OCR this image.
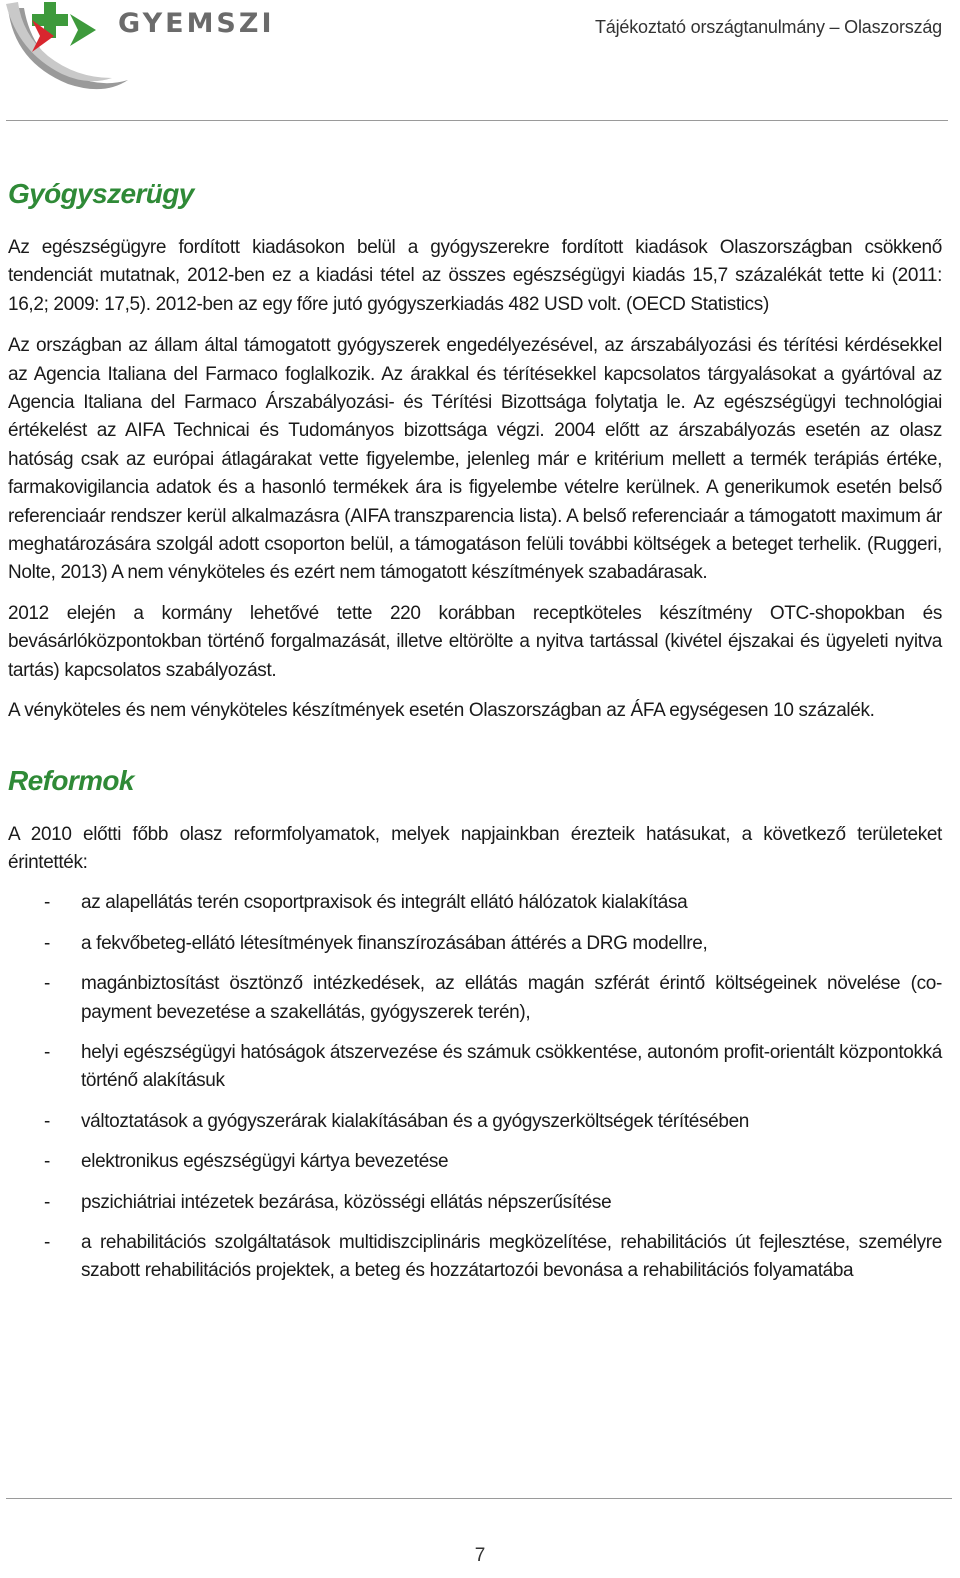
GYEMSZI	Tájékoztató országtanulmány – Olaszország
Gyógyszerügy

Az egészségügyre fordított kiadásokon belül a gyógyszerekre fordított kiadások Olaszországban csökkenő tendenciát mutatnak, 2012-ben ez a kiadási tétel az összes egészségügyi kiadás 15,7 százalékát tette ki (2011: 16,2; 2009: 17,5). 2012-ben az egy főre jutó gyógyszerkiadás 482 USD volt. (OECD Statistics)

Az országban az állam által támogatott gyógyszerek engedélyezésével, az árszabályozási és térítési kérdésekkel az Agencia Italiana del Farmaco foglalkozik. Az árakkal és térítésekkel kapcsolatos tárgyalásokat a gyártóval az Agencia Italiana del Farmaco Árszabályozási- és Térítési Bizottsága folytatja le. Az egészségügyi technológiai értékelést az AIFA Technicai és Tudományos bizottsága végzi. 2004 előtt az árszabályozás esetén az olasz hatóság csak az európai átlagárakat vette figyelembe, jelenleg már e kritérium mellett a termék terápiás értéke, farmakovigilancia adatok és a hasonló termékek ára is figyelembe vételre kerülnek. A generikumok esetén belső referenciaár rendszer kerül alkalmazásra (AIFA transzparencia lista). A belső referenciaár a támogatott maximum ár meghatározására szolgál adott csoporton belül, a támogatáson felüli további költségek a beteget terhelik. (Ruggeri, Nolte, 2013) A nem vényköteles és ezért nem támogatott készítmények szabadárasak.

2012 elején a kormány lehetővé tette 220 korábban receptköteles készítmény OTC-shopokban és bevásárlóközpontokban történő forgalmazását, illetve eltörölte a nyitva tartással (kivétel éjszakai és ügyeleti nyitva tartás) kapcsolatos szabályozást.

A vényköteles és nem vényköteles készítmények esetén Olaszországban az ÁFA egységesen 10 százalék.

Reformok

A 2010 előtti főbb olasz reformfolyamatok, melyek napjainkban érezteik hatásukat, a következő területeket érintették:

- az alapellátás terén csoportpraxisok és integrált ellátó hálózatok kialakítása
- a fekvőbeteg-ellátó létesítmények finanszírozásában áttérés a DRG modellre,
- magánbiztosítást ösztönző intézkedések, az ellátás magán szférát érintő költségeinek növelése (co-payment bevezetése a szakellátás, gyógyszerek terén),
- helyi egészségügyi hatóságok átszervezése és számuk csökkentése, autonóm profit-orientált központokká történő alakításuk
- változtatások a gyógyszerárak kialakításában és a gyógyszerköltségek térítésében
- elektronikus egészségügyi kártya bevezetése
- pszichiátriai intézetek bezárása, közösségi ellátás népszerűsítése
- a rehabilitációs szolgáltatások multidiszciplináris megközelítése, rehabilitációs út fejlesztése, személyre szabott rehabilitációs projektek, a beteg és hozzátartozói bevonása a rehabilitációs folyamatába
7
